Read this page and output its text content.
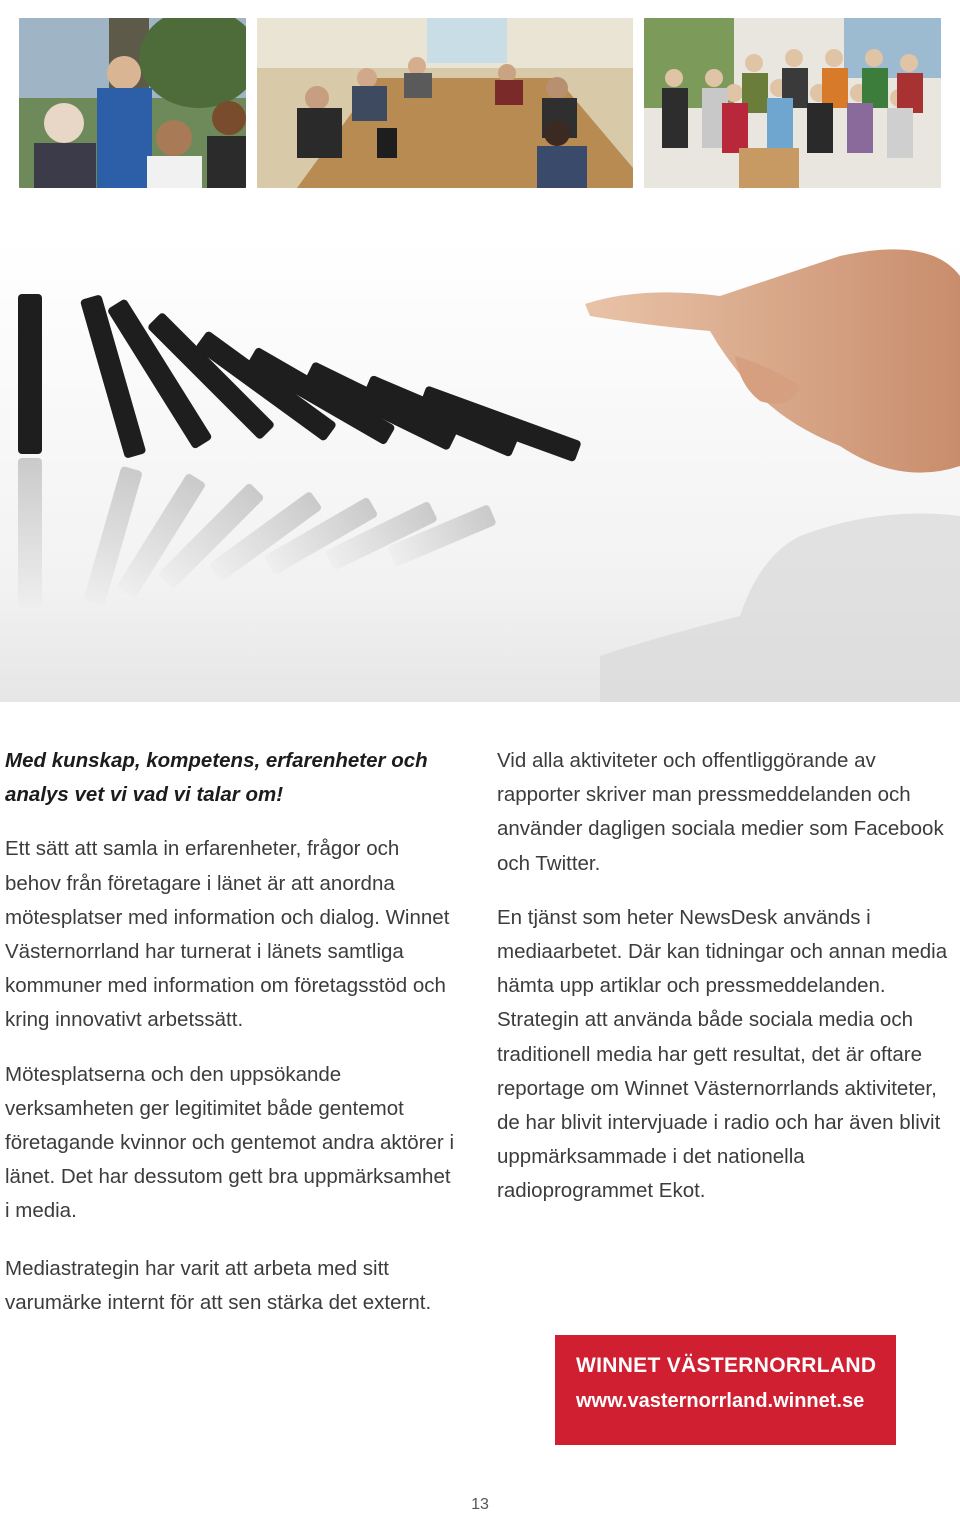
Med kunskap, kompetens, erfarenheter och analys vet vi vad vi talar om!

Ett sätt att samla in erfarenheter, frågor och behov från företagare i länet är att anordna mötesplatser med information och dialog. Winnet Västernorrland har turnerat i länets samtliga kommuner med information om företagsstöd och kring innovativt arbetssätt.

Mötesplatserna och den uppsökande verksamheten ger legitimitet både gentemot företagande kvinnor och gentemot andra aktörer i länet. Det har dessutom gett bra uppmärksamhet i media.

Mediastrategin har varit att arbeta med sitt varumärke internt för att sen stärka det externt.

Vid alla aktiviteter och offentliggörande av rapporter skriver man pressmeddelanden och använder dagligen sociala medier som Facebook och Twitter.

En tjänst som heter NewsDesk används i mediaarbetet. Där kan tidningar och annan media hämta upp artiklar och pressmeddelanden.

Strategin att använda både sociala media och traditionell media har gett resultat, det är oftare reportage om Winnet Västernorrlands aktiviteter, de har blivit intervjuade i radio och har även blivit uppmärksammade i det nationella radioprogrammet Ekot.

WINNET VÄSTERNORRLAND
www.vasternorrland.winnet.se
13
